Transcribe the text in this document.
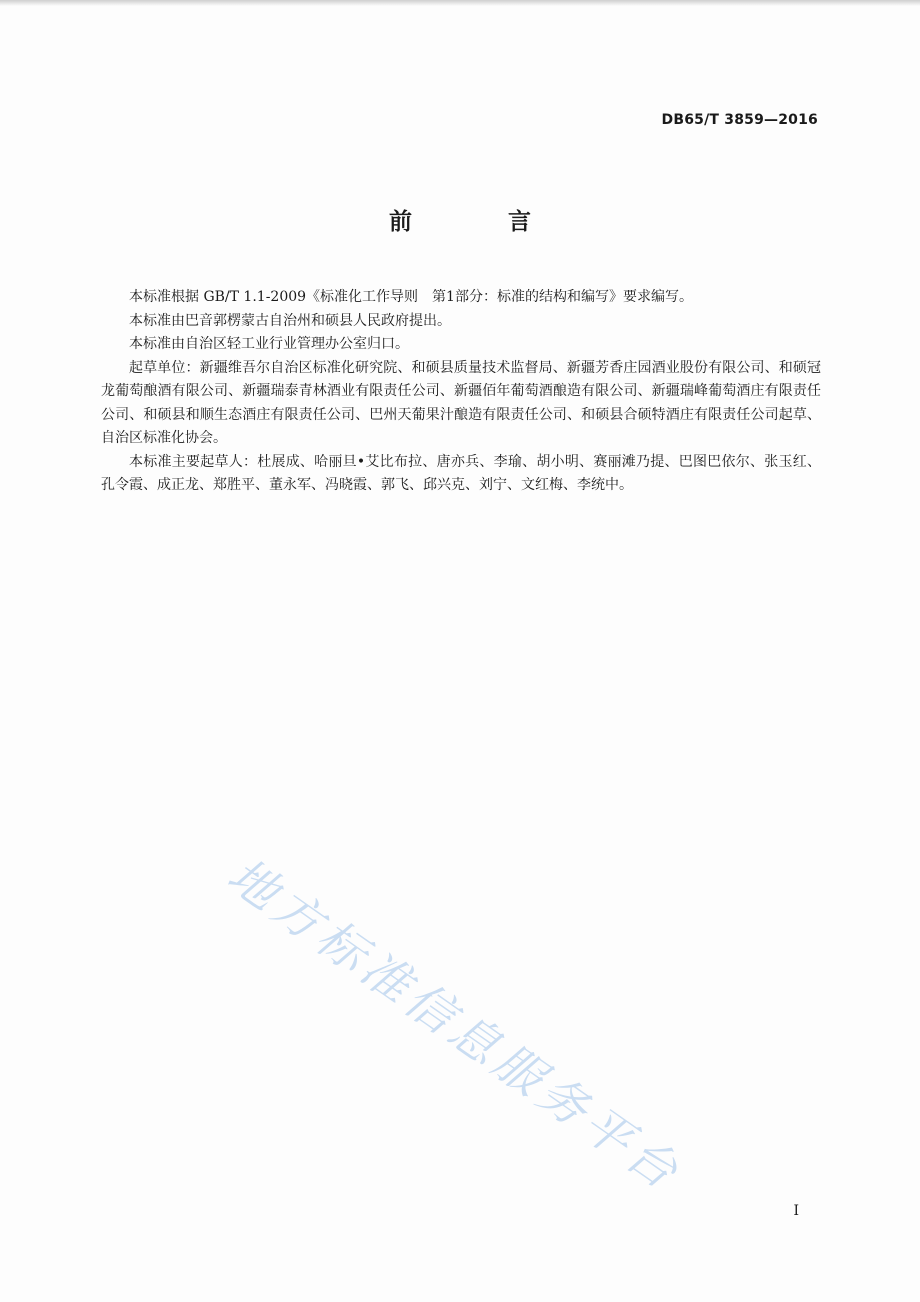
DB65/T 3859—2016
前 言

本标准根据 GB/T 1.1-2009《标准化工作导则　第1部分：标准的结构和编写》要求编写。

本标准由巴音郭楞蒙古自治州和硕县人民政府提出。

本标准由自治区轻工业行业管理办公室归口。

起草单位：新疆维吾尔自治区标准化研究院、和硕县质量技术监督局、新疆芳香庄园酒业股份有限公司、和硕冠龙葡萄酿酒有限公司、新疆瑞泰青林酒业有限责任公司、新疆佰年葡萄酒酿造有限公司、新疆瑞峰葡萄酒庄有限责任公司、和硕县和顺生态酒庄有限责任公司、巴州天葡果汁酿造有限责任公司、和硕县合硕特酒庄有限责任公司起草、自治区标准化协会。

本标准主要起草人：杜展成、哈丽旦•艾比布拉、唐亦兵、李瑜、胡小明、赛丽滩乃提、巴图巴依尔、张玉红、孔令霞、成正龙、郑胜平、董永军、冯晓霞、郭飞、邱兴克、刘宁、文红梅、李统中。

地方标准信息服务平台
I
